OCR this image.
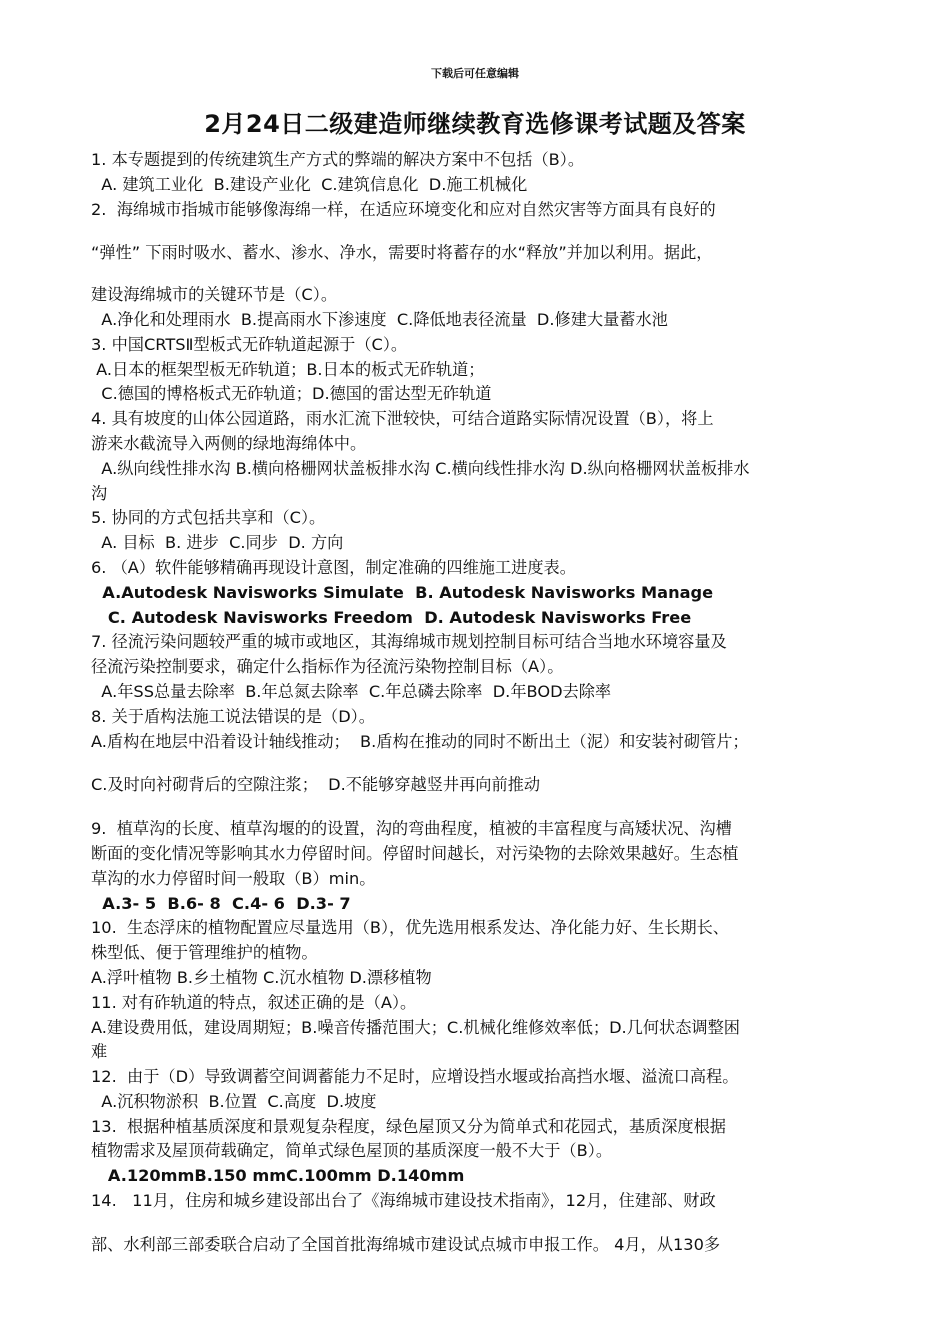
下载后可任意编辑
2月24日二级建造师继续教育选修课考试题及答案
1. 本专题提到的传统建筑生产方式的弊端的解决方案中不包括（B）。
A. 建筑工业化  B.建设产业化  C.建筑信息化  D.施工机械化
2.  海绵城市指城市能够像海绵一样，在适应环境变化和应对自然灾害等方面具有良好的
“弹性” 下雨时吸水、蓄水、渗水、净水，需要时将蓄存的水“释放”并加以利用。据此，
建设海绵城市的关键环节是（C）。
A.净化和处理雨水  B.提高雨水下渗速度  C.降低地表径流量  D.修建大量蓄水池
3. 中国CRTSⅡ型板式无砟轨道起源于（C）。
A.日本的框架型板无砟轨道；B.日本的板式无砟轨道；
C.德国的博格板式无砟轨道；D.德国的雷达型无砟轨道
4. 具有坡度的山体公园道路，雨水汇流下泄较快，可结合道路实际情况设置（B），将上
游来水截流导入两侧的绿地海绵体中。
A.纵向线性排水沟 B.横向格栅网状盖板排水沟 C.横向线性排水沟 D.纵向格栅网状盖板排水
沟
5. 协同的方式包括共享和（C）。
A. 目标  B. 进步  C.同步  D. 方向
6. （A）软件能够精确再现设计意图，制定准确的四维施工进度表。
A.Autodesk Navisworks Simulate  B. Autodesk Navisworks Manage
C. Autodesk Navisworks Freedom  D. Autodesk Navisworks Free
7. 径流污染问题较严重的城市或地区，其海绵城市规划控制目标可结合当地水环境容量及
径流污染控制要求，确定什么指标作为径流污染物控制目标（A）。
A.年SS总量去除率  B.年总氮去除率  C.年总磷去除率  D.年BOD去除率
8. 关于盾构法施工说法错误的是（D）。
A.盾构在地层中沿着设计轴线推动；  B.盾构在推动的同时不断出土（泥）和安装衬砌管片；
C.及时向衬砌背后的空隙注浆；  D.不能够穿越竖井再向前推动
9.  植草沟的长度、植草沟堰的的设置，沟的弯曲程度，植被的丰富程度与高矮状况、沟槽
断面的变化情况等影响其水力停留时间。停留时间越长，对污染物的去除效果越好。生态植
草沟的水力停留时间一般取（B）min。
A.3- 5  B.6- 8  C.4- 6  D.3- 7
10.  生态浮床的植物配置应尽量选用（B），优先选用根系发达、净化能力好、生长期长、
株型低、便于管理维护的植物。
A.浮叶植物 B.乡土植物 C.沉水植物 D.漂移植物
11. 对有砟轨道的特点，叙述正确的是（A）。
A.建设费用低，建设周期短；B.噪音传播范围大；C.机械化维修效率低；D.几何状态调整困
难
12.  由于（D）导致调蓄空间调蓄能力不足时，应增设挡水堰或抬高挡水堰、溢流口高程。
A.沉积物淤积  B.位置  C.高度  D.坡度
13.  根据种植基质深度和景观复杂程度，绿色屋顶又分为简单式和花园式，基质深度根据
植物需求及屋顶荷载确定，简单式绿色屋顶的基质深度一般不大于（B）。
A.120mmB.150 mmC.100mm D.140mm
14.   11月，住房和城乡建设部出台了《海绵城市建设技术指南》，12月，住建部、财政
部、水利部三部委联合启动了全国首批海绵城市建设试点城市申报工作。 4月，从130多
